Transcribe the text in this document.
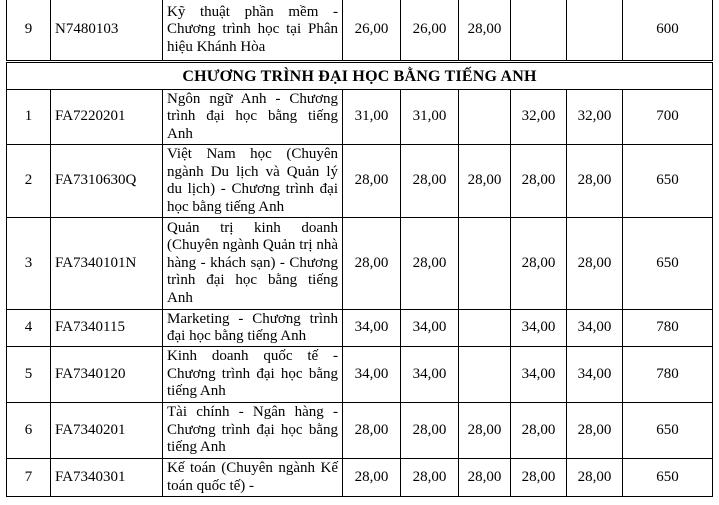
9	N7480103	Kỹ thuật phần mềm - Chương trình học tại Phân hiệu Khánh Hòa	26,00	26,00	28,00			600
CHƯƠNG TRÌNH ĐẠI HỌC BẰNG TIẾNG ANH								
1	FA7220201	Ngôn ngữ Anh - Chương trình đại học bằng tiếng Anh	31,00	31,00		32,00	32,00	700
2	FA7310630Q	Việt Nam học (Chuyên ngành Du lịch và Quản lý du lịch) - Chương trình đại học bằng tiếng Anh	28,00	28,00	28,00	28,00	28,00	650
3	FA7340101N	Quản trị kinh doanh (Chuyên ngành Quản trị nhà hàng - khách sạn) - Chương trình đại học bằng tiếng Anh	28,00	28,00		28,00	28,00	650
4	FA7340115	Marketing - Chương trình đại học bằng tiếng Anh	34,00	34,00		34,00	34,00	780
5	FA7340120	Kinh doanh quốc tế - Chương trình đại học bằng tiếng Anh	34,00	34,00		34,00	34,00	780
6	FA7340201	Tài chính - Ngân hàng - Chương trình đại học bằng tiếng Anh	28,00	28,00	28,00	28,00	28,00	650
7	FA7340301	Kế toán (Chuyên ngành Kế toán quốc tế) -	28,00	28,00	28,00	28,00	28,00	650
